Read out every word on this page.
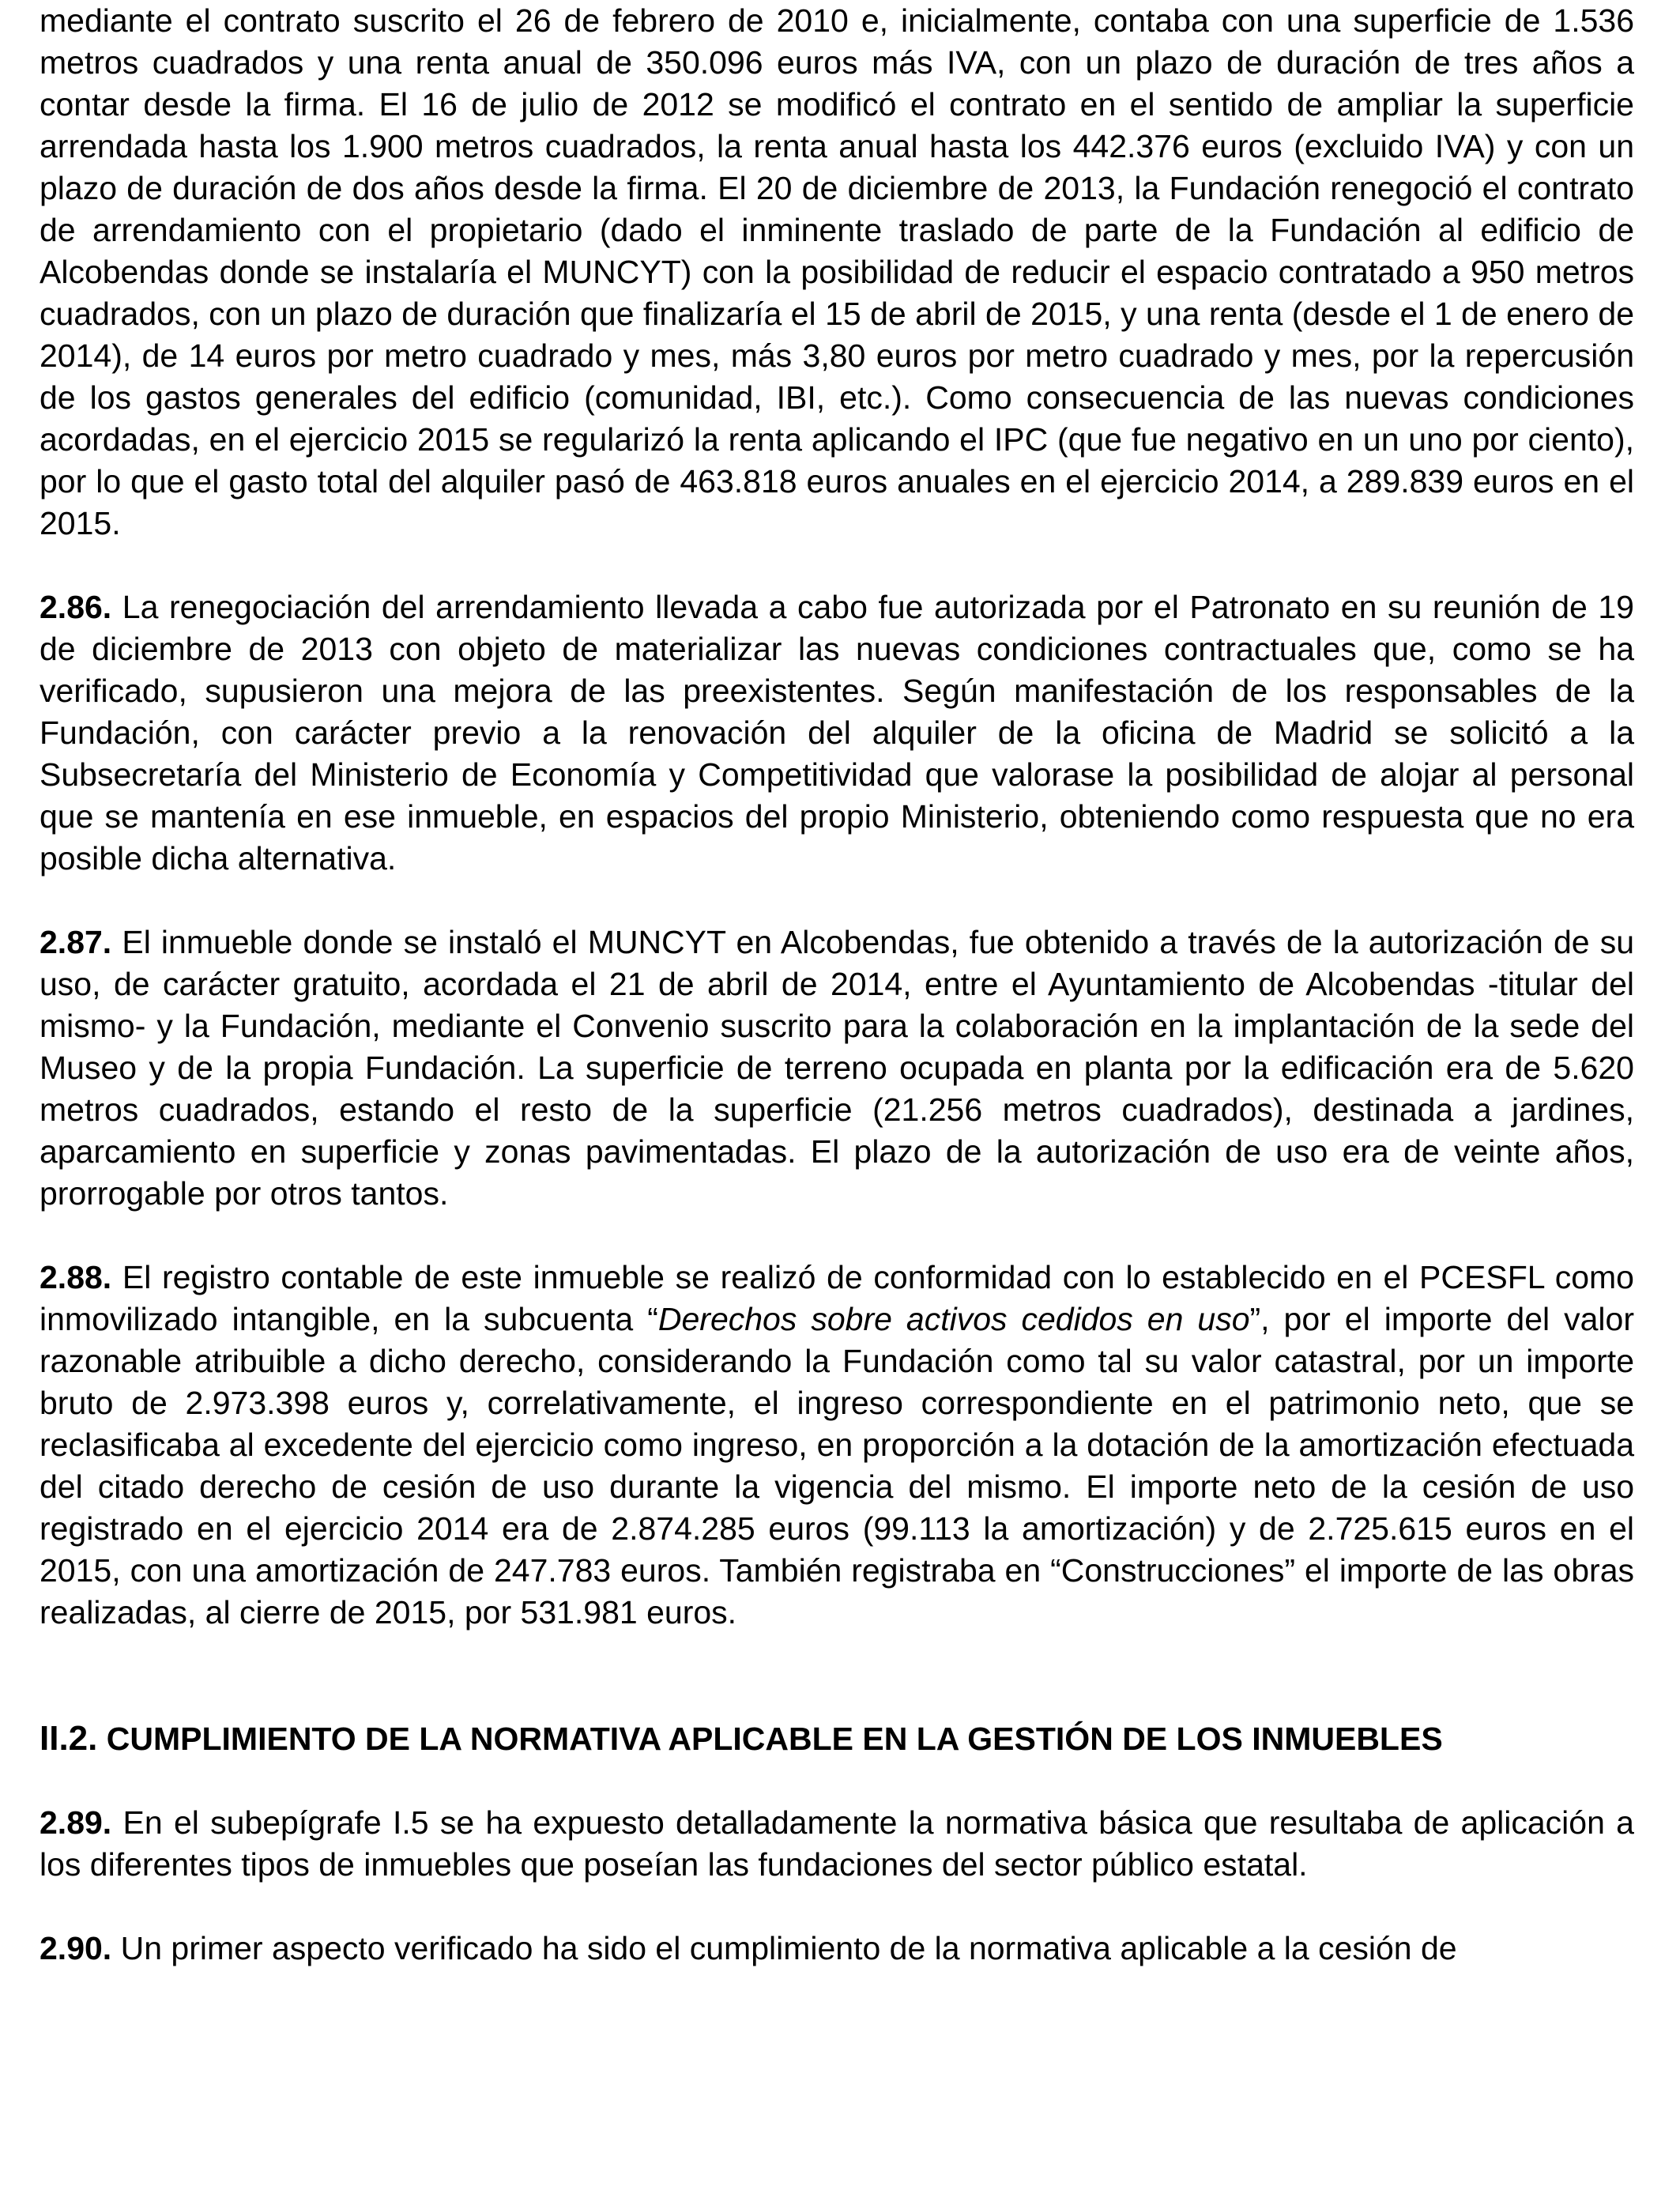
mediante el contrato suscrito el 26 de febrero de 2010 e, inicialmente, contaba con una superficie de 1.536 metros cuadrados y una renta anual de 350.096 euros más IVA, con un plazo de duración de tres años a contar desde la firma. El 16 de julio de 2012 se modificó el contrato en el sentido de ampliar la superficie arrendada hasta los 1.900 metros cuadrados, la renta anual hasta los 442.376 euros (excluido IVA) y con un plazo de duración de dos años desde la firma. El 20 de diciembre de 2013, la Fundación renegoció el contrato de arrendamiento con el propietario (dado el inminente traslado de parte de la Fundación al edificio de Alcobendas donde se instalaría el MUNCYT) con la posibilidad de reducir el espacio contratado a 950 metros cuadrados, con un plazo de duración que finalizaría el 15 de abril de 2015, y una renta (desde el 1 de enero de 2014), de 14 euros por metro cuadrado y mes, más 3,80 euros por metro cuadrado y mes, por la repercusión de los gastos generales del edificio (comunidad, IBI, etc.). Como consecuencia de las nuevas condiciones acordadas, en el ejercicio 2015 se regularizó la renta aplicando el IPC (que fue negativo en un uno por ciento), por lo que el gasto total del alquiler pasó de 463.818 euros anuales en el ejercicio 2014, a 289.839 euros en el 2015.

2.86. La renegociación del arrendamiento llevada a cabo fue autorizada por el Patronato en su reunión de 19 de diciembre de 2013 con objeto de materializar las nuevas condiciones contractuales que, como se ha verificado, supusieron una mejora de las preexistentes. Según manifestación de los responsables de la Fundación, con carácter previo a la renovación del alquiler de la oficina de Madrid se solicitó a la Subsecretaría del Ministerio de Economía y Competitividad que valorase la posibilidad de alojar al personal que se mantenía en ese inmueble, en espacios del propio Ministerio, obteniendo como respuesta que no era posible dicha alternativa.

2.87. El inmueble donde se instaló el MUNCYT en Alcobendas, fue obtenido a través de la autorización de su uso, de carácter gratuito, acordada el 21 de abril de 2014, entre el Ayuntamiento de Alcobendas -titular del mismo- y la Fundación, mediante el Convenio suscrito para la colaboración en la implantación de la sede del Museo y de la propia Fundación. La superficie de terreno ocupada en planta por la edificación era de 5.620 metros cuadrados, estando el resto de la superficie (21.256 metros cuadrados), destinada a jardines, aparcamiento en superficie y zonas pavimentadas. El plazo de la autorización de uso era de veinte años, prorrogable por otros tantos.

2.88. El registro contable de este inmueble se realizó de conformidad con lo establecido en el PCESFL como inmovilizado intangible, en la subcuenta “Derechos sobre activos cedidos en uso”, por el importe del valor razonable atribuible a dicho derecho, considerando la Fundación como tal su valor catastral, por un importe bruto de 2.973.398 euros y, correlativamente, el ingreso correspondiente en el patrimonio neto, que se reclasificaba al excedente del ejercicio como ingreso, en proporción a la dotación de la amortización efectuada del citado derecho de cesión de uso durante la vigencia del mismo. El importe neto de la cesión de uso registrado en el ejercicio 2014 era de 2.874.285 euros (99.113 la amortización) y de 2.725.615 euros en el 2015, con una amortización de 247.783 euros. También registraba en “Construcciones” el importe de las obras realizadas, al cierre de 2015, por 531.981 euros.

II.2. CUMPLIMIENTO DE LA NORMATIVA APLICABLE EN LA GESTIÓN DE LOS INMUEBLES

2.89. En el subepígrafe I.5 se ha expuesto detalladamente la normativa básica que resultaba de aplicación a los diferentes tipos de inmuebles que poseían las fundaciones del sector público estatal.

2.90. Un primer aspecto verificado ha sido el cumplimiento de la normativa aplicable a la cesión de
